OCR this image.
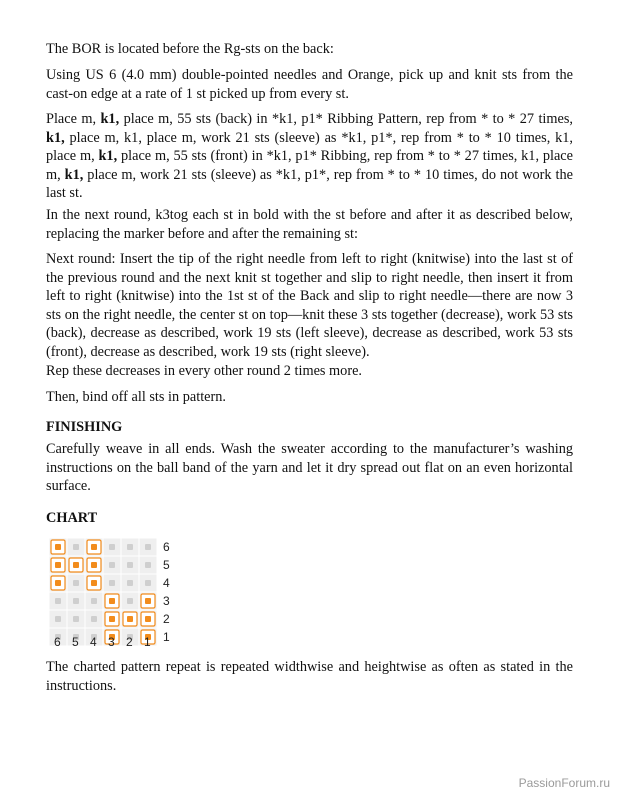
The BOR is located before the Rg-sts on the back:

Using US 6 (4.0 mm) double-pointed needles and Orange, pick up and knit sts from the cast-on edge at a rate of 1 st picked up from every st.

Place m, k1, place m, 55 sts (back) in *k1, p1* Ribbing Pattern, rep from * to * 27 times, k1, place m, k1, place m, work 21 sts (sleeve) as *k1, p1*, rep from * to * 10 times, k1, place m, k1, place m, 55 sts (front) in *k1, p1* Ribbing, rep from * to * 27 times, k1, place m, k1, place m, work 21 sts (sleeve) as *k1, p1*, rep from * to * 10 times, do not work the last st.

In the next round, k3tog each st in bold with the st before and after it as described below, replacing the marker before and after the remaining st:

Next round: Insert the tip of the right needle from left to right (knitwise) into the last st of the previous round and the next knit st together and slip to right needle, then insert it from left to right (knitwise) into the 1st st of the Back and slip to right needle—there are now 3 sts on the right needle, the center st on top—knit these 3 sts together (decrease), work 53 sts (back), decrease as described, work 19 sts (left sleeve), decrease as described, work 53 sts (front), decrease as described, work 19 sts (right sleeve).

Rep these decreases in every other round 2 times more.

Then, bind off all sts in pattern.

FINISHING

Carefully weave in all ends. Wash the sweater according to the manufacturer’s washing instructions on the ball band of the yarn and let it dry spread out flat on an even horizontal surface.

CHART

The charted pattern repeat is repeated widthwise and heightwise as often as stated in the instructions.

6
5
4
3
2
1
6 5 4 3 2 1
PassionForum.ru
